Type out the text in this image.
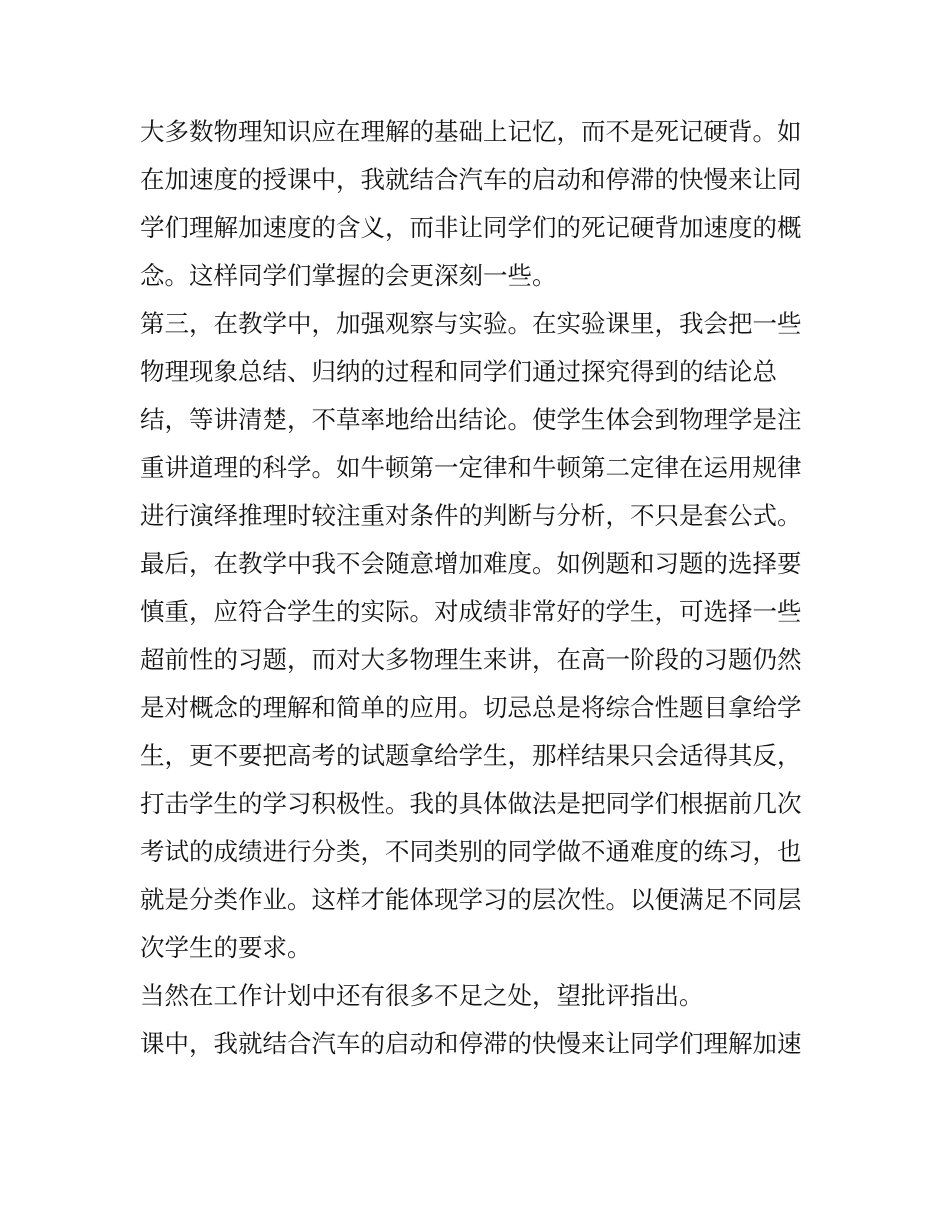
大多数物理知识应在理解的基础上记忆，而不是死记硬背。如
在加速度的授课中，我就结合汽车的启动和停滞的快慢来让同
学们理解加速度的含义，而非让同学们的死记硬背加速度的概
念。这样同学们掌握的会更深刻一些。
第三，在教学中，加强观察与实验。在实验课里，我会把一些
物理现象总结、归纳的过程和同学们通过探究得到的结论总
结，等讲清楚，不草率地给出结论。使学生体会到物理学是注
重讲道理的科学。如牛顿第一定律和牛顿第二定律在运用规律
进行演绎推理时较注重对条件的判断与分析，不只是套公式。
最后，在教学中我不会随意增加难度。如例题和习题的选择要
慎重，应符合学生的实际。对成绩非常好的学生，可选择一些
超前性的习题，而对大多物理生来讲，在高一阶段的习题仍然
是对概念的理解和简单的应用。切忌总是将综合性题目拿给学
生，更不要把高考的试题拿给学生，那样结果只会适得其反，
打击学生的学习积极性。我的具体做法是把同学们根据前几次
考试的成绩进行分类，不同类别的同学做不通难度的练习，也
就是分类作业。这样才能体现学习的层次性。以便满足不同层
次学生的要求。
当然在工作计划中还有很多不足之处，望批评指出。
课中，我就结合汽车的启动和停滞的快慢来让同学们理解加速
